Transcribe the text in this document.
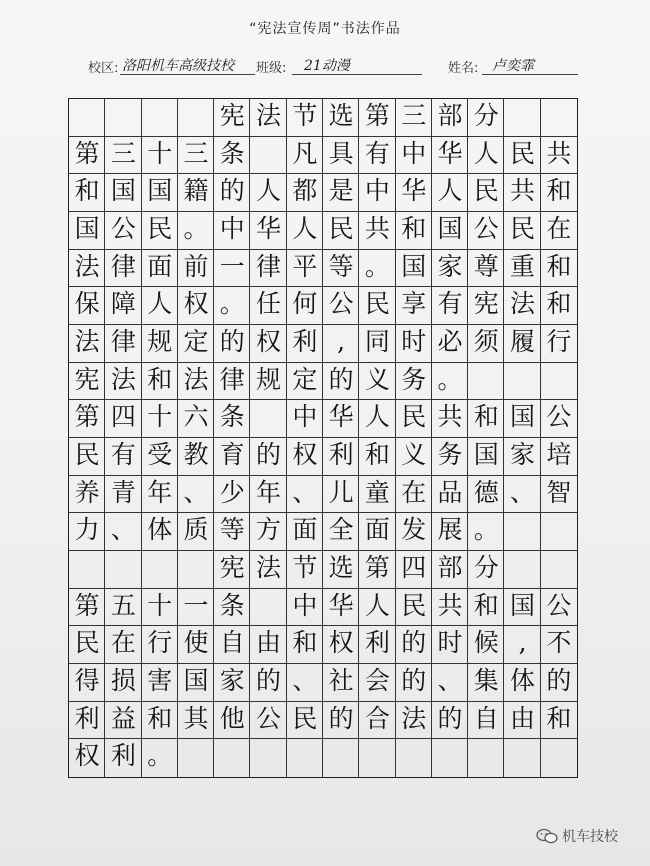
“宪法宣传周”书法作品
校区: 洛阳机车高级技校 班级: 21动漫	姓名: 卢奕霏
宪 法 节 选 第 三 部 分
第 三 十 三 条 凡 具 有 中 华 人 民 共
和 国 国 籍 的 人 都 是 中 华 人 民 共 和
国 公 民 。 中 华 人 民 共 和 国 公 民 在
法 律 面 前 一 律 平 等 。 国 家 尊 重 和
保 障 人 权 。 任 何 公 民 享 有 宪 法 和
法 律 规 定 的 权 利 , 同 时 必 须 履 行
宪 法 和 法 律 规 定 的 义 务 。
第 四 十 六 条 中 华 人 民 共 和 国 公
民 有 受 教 育 的 权 利 和 义 务 国 家 培
养 青 年 、 少 年 、 儿 童 在 品 德 、 智
力 、 体 质 等 方 面 全 面 发 展 。
宪 法 节 选 第 四 部 分
第 五 十 一 条 中 华 人 民 共 和 国 公
民 在 行 使 自 由 和 权 利 的 时 候 , 不
得 损 害 国 家 的 、 社 会 的 、 集 体 的
利 益 和 其 他 公 民 的 合 法 的 自 由 和
权 利 。
机车技校
